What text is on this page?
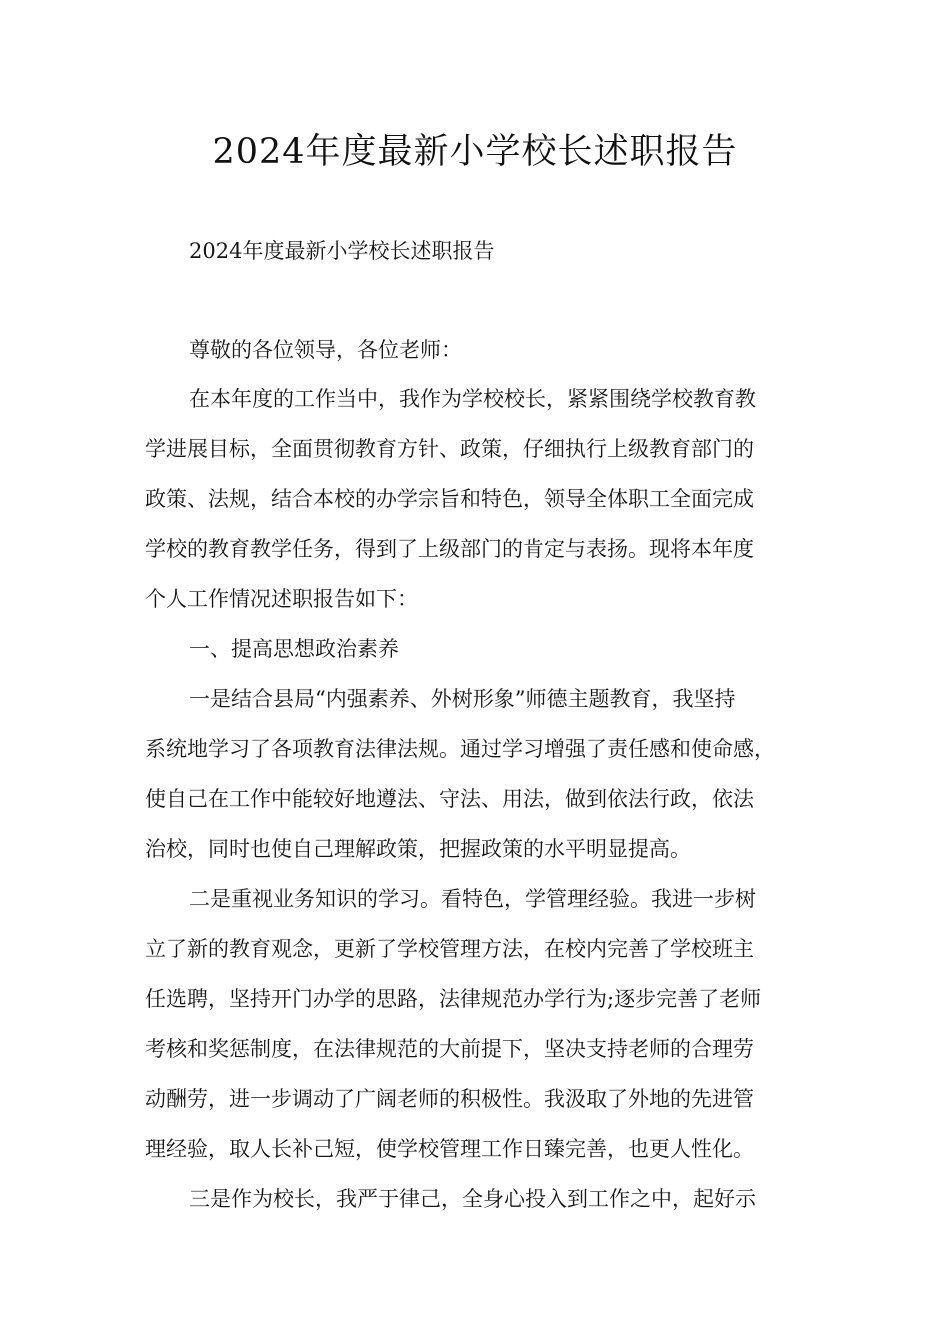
2024年度最新小学校长述职报告
2024年度最新小学校长述职报告
尊敬的各位领导，各位老师：
在本年度的工作当中，我作为学校校长，紧紧围绕学校教育教
学进展目标，全面贯彻教育方针、政策，仔细执行上级教育部门的
政策、法规，结合本校的办学宗旨和特色，领导全体职工全面完成
学校的教育教学任务，得到了上级部门的肯定与表扬。现将本年度
个人工作情况述职报告如下：
一、提高思想政治素养
一是结合县局“内强素养、外树形象”师德主题教育，我坚持
系统地学习了各项教育法律法规。通过学习增强了责任感和使命感，
使自己在工作中能较好地遵法、守法、用法，做到依法行政，依法
治校，同时也使自己理解政策，把握政策的水平明显提高。
二是重视业务知识的学习。看特色，学管理经验。我进一步树
立了新的教育观念，更新了学校管理方法，在校内完善了学校班主
任选聘，坚持开门办学的思路，法律规范办学行为;逐步完善了老师
考核和奖惩制度，在法律规范的大前提下，坚决支持老师的合理劳
动酬劳，进一步调动了广阔老师的积极性。我汲取了外地的先进管
理经验，取人长补己短，使学校管理工作日臻完善，也更人性化。
三是作为校长，我严于律己，全身心投入到工作之中，起好示
